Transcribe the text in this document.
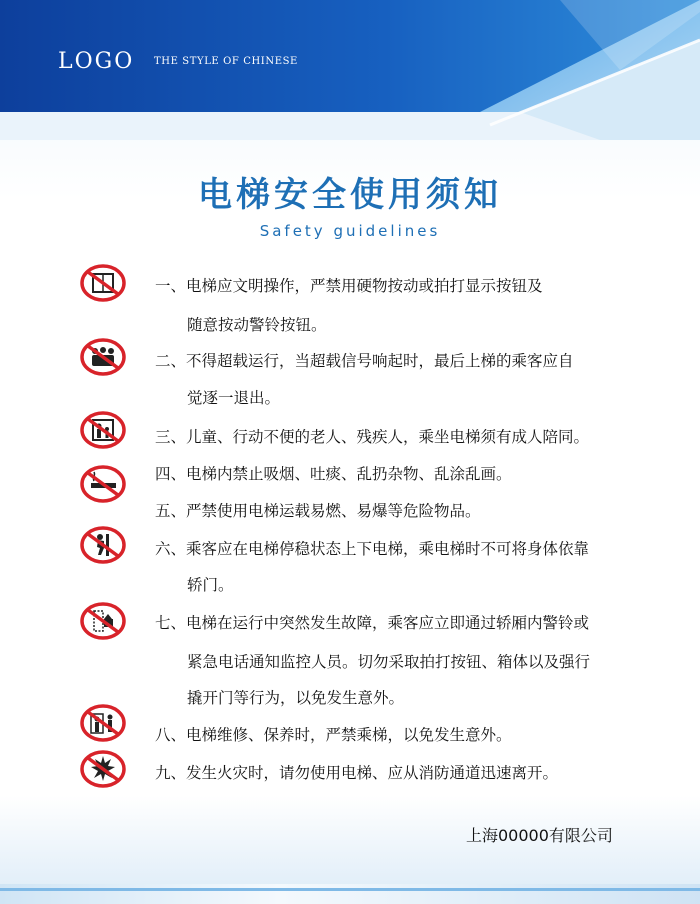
LOGO THE STYLE OF CHINESE
电梯安全使用须知
Safety guidelines
一、电梯应文明操作，严禁用硬物按动或拍打显示按钮及
随意按动警铃按钮。
二、不得超载运行，当超载信号响起时，最后上梯的乘客应自
觉逐一退出。
三、儿童、行动不便的老人、残疾人，乘坐电梯须有成人陪同。
四、电梯内禁止吸烟、吐痰、乱扔杂物、乱涂乱画。
五、严禁使用电梯运载易燃、易爆等危险物品。
六、乘客应在电梯停稳状态上下电梯，乘电梯时不可将身体依靠
轿门。
七、电梯在运行中突然发生故障，乘客应立即通过轿厢内警铃或
紧急电话通知监控人员。切勿采取拍打按钮、箱体以及强行
撬开门等行为，以免发生意外。
八、电梯维修、保养时，严禁乘梯，以免发生意外。
九、发生火灾时，请勿使用电梯、应从消防通道迅速离开。
上海00000有限公司
